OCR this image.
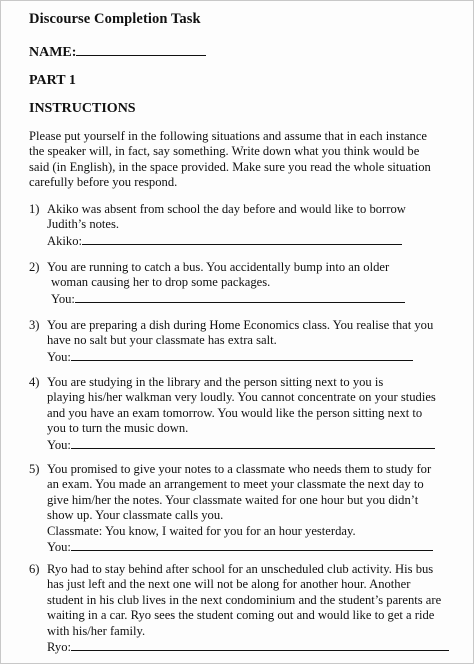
Discourse Completion Task
NAME:
PART 1
INSTRUCTIONS
Please put yourself in the following situations and assume that in each instance
the speaker will, in fact, say something. Write down what you think would be
said (in English), in the space provided. Make sure you read the whole situation
carefully before you respond.
1) Akiko was absent from school the day before and would like to borrow
Judith’s notes.
Akiko:
2) You are running to catch a bus. You accidentally bump into an older
woman causing her to drop some packages.
You:
3) You are preparing a dish during Home Economics class. You realise that you
have no salt but your classmate has extra salt.
You:
4) You are studying in the library and the person sitting next to you is
playing his/her walkman very loudly. You cannot concentrate on your studies
and you have an exam tomorrow. You would like the person sitting next to
you to turn the music down.
You:
5) You promised to give your notes to a classmate who needs them to study for
an exam. You made an arrangement to meet your classmate the next day to
give him/her the notes. Your classmate waited for one hour but you didn’t
show up. Your classmate calls you.
Classmate: You know, I waited for you for an hour yesterday.
You:
6) Ryo had to stay behind after school for an unscheduled club activity. His bus
has just left and the next one will not be along for another hour. Another
student in his club lives in the next condominium and the student’s parents are
waiting in a car. Ryo sees the student coming out and would like to get a ride
with his/her family.
Ryo:
